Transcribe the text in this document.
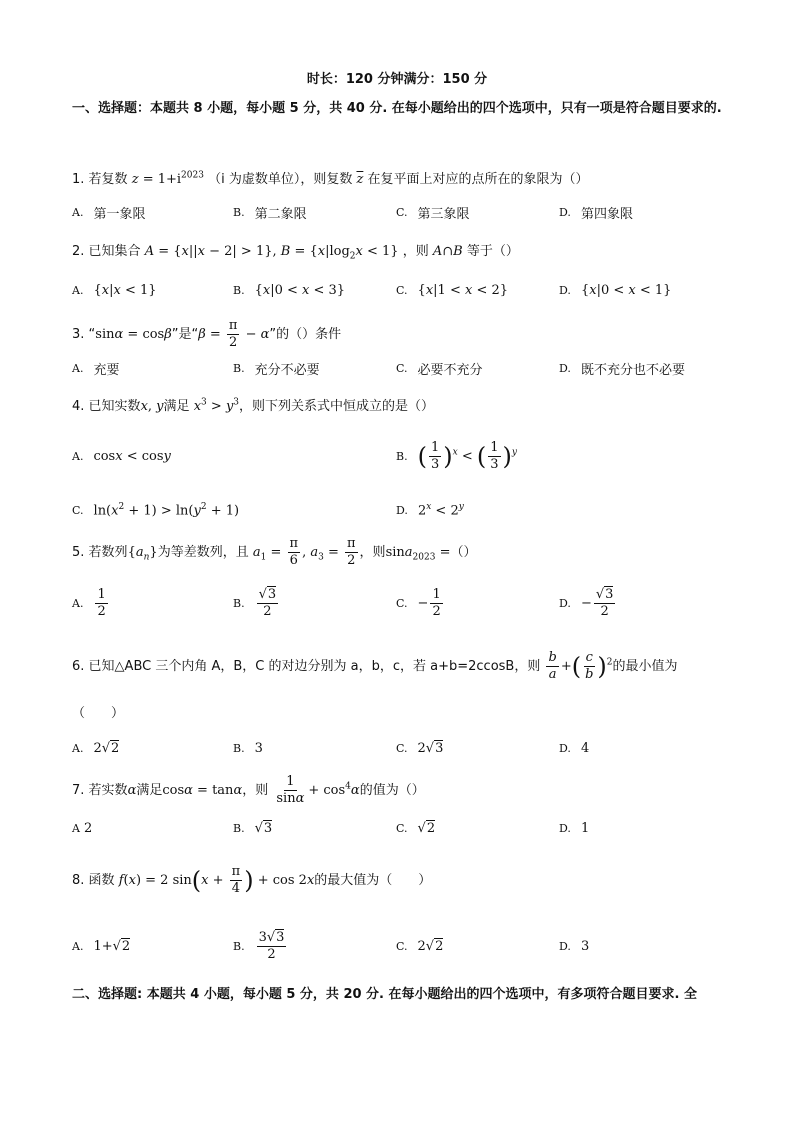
时长：120 分钟满分：150 分
一、选择题：本题共 8 小题，每小题 5 分，共 40 分. 在每小题给出的四个选项中，只有一项是符合题目要求的.
1. 若复数 $z = 1+i^{2023}$ （i 为虚数单位），则复数 $\overline{z}$ 在复平面上对应的点所在的象限为（）
A. 第一象限	B. 第二象限	C. 第三象限	D. 第四象限
2. 已知集合 A = {x||x − 2| > 1}, $B = \{x|\log_2x < 1\}$ ，则 A∩B 等于（）
A. {x|x < 1}	B. {x|0 < x < 3}	C. {x|1 < x < 2}	D. {x|0 < x < 1}
3. “sinα = cosβ”是“$\beta = \frac{\pi}{2} - \alpha$”的（）条件
A. 充要	B. 充分不必要	C. 必要不充分	D. 既不充分也不必要
4. 已知实数x, y满足 $x^3 > y^3$，则下列关系式中恒成立的是（）
A. cosx < cosy	B. ( $\frac{1}{3} )^x$ < ( $\frac{1}{3} )^y$
C. $\ln(x^2 + 1) > \ln(y^2 + 1)$	D. $2^x < 2^y$
5. 若数列$\{a_n\}$为等差数列，且 $a_1 = \frac{\pi}{6}$ , $a_3 = \frac{\pi}{2}$ ，则sina$_{2023}$ =（）
A. $\frac{1}{2}$	B. $\frac{√3}{2}$	C. − $\frac{1}{2}$	D. − $\frac{√3}{2}$
6. 已知△ABC 三个内角 A，B，C 的对边分别为 a，b，c，若 a+b=2ccosB，则 $\frac{b}{a}$ +( $\frac{c}{b} )^2$的最小值为
（　　）
A. 2√2	B. 3	C. 2√3	D. 4
7. 若实数α满足cosα = tanα，则 $\frac{1}{\sin\alpha} + \cos^4\alpha$的值为（）
A 2	B. √3	C. √2	D. 1
8. 函数 f(x) = 2 $\sin(x + \frac{\pi}{4}$ ) + cos 2x的最大值为（　　）
A. 1+√2	B. $\frac{3√3}{2}$	C. 2√2	D. 3
二、选择题: 本题共 4 小题，每小题 5 分，共 20 分. 在每小题给出的四个选项中，有多项符合题目要求. 全
